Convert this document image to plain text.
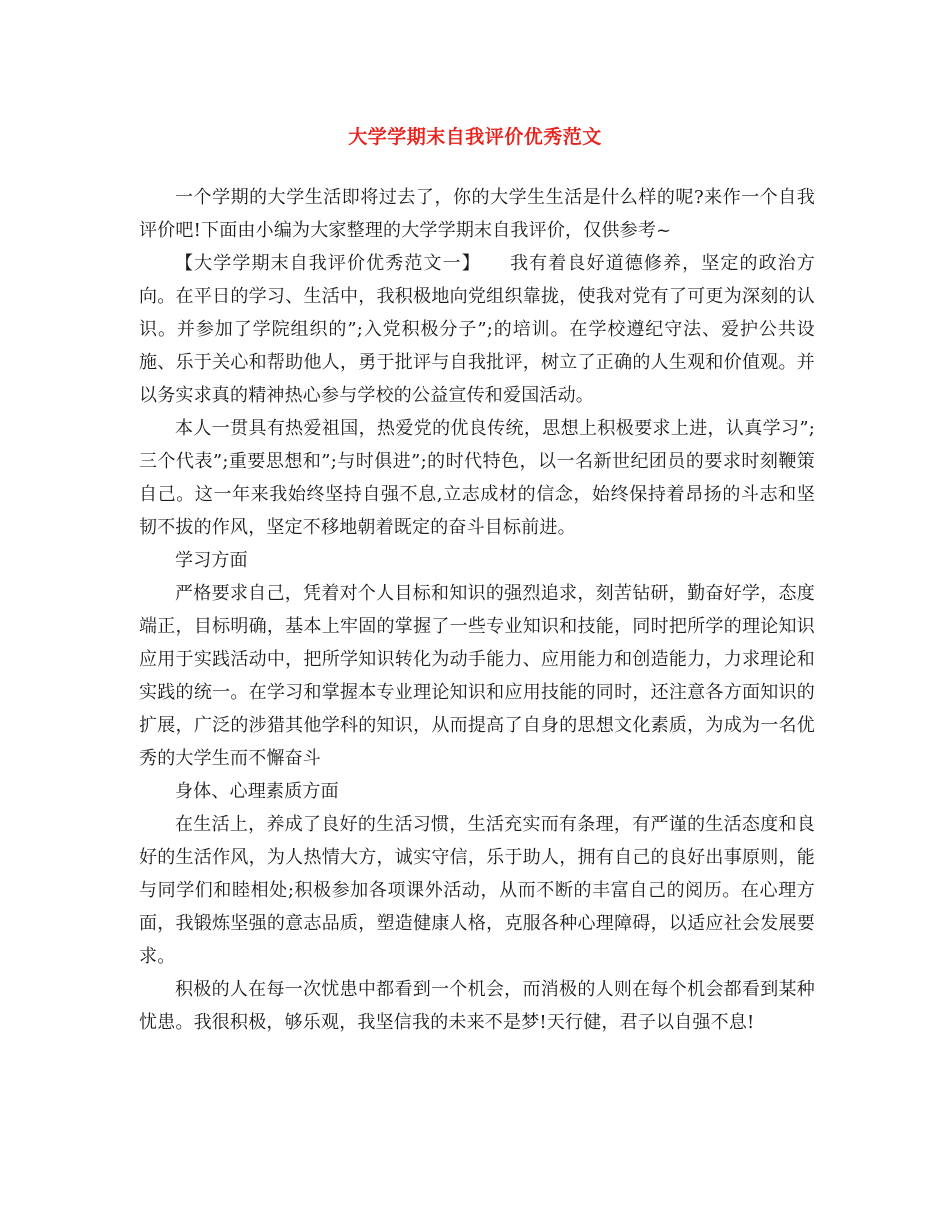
大学学期末自我评价优秀范文

一个学期的大学生活即将过去了，你的大学生生活是什么样的呢?来作一个自我评价吧!下面由小编为大家整理的大学学期末自我评价，仅供参考~

【大学学期末自我评价优秀范文一】　　我有着良好道德修养，坚定的政治方向。在平日的学习、生活中，我积极地向党组织靠拢，使我对党有了可更为深刻的认识。并参加了学院组织的”;入党积极分子”;的培训。在学校遵纪守法、爱护公共设施、乐于关心和帮助他人，勇于批评与自我批评，树立了正确的人生观和价值观。并以务实求真的精神热心参与学校的公益宣传和爱国活动。

本人一贯具有热爱祖国，热爱党的优良传统，思想上积极要求上进，认真学习”;三个代表”;重要思想和”;与时俱进”;的时代特色，以一名新世纪团员的要求时刻鞭策自己。这一年来我始终坚持自强不息,立志成材的信念，始终保持着昂扬的斗志和坚韧不拔的作风，坚定不移地朝着既定的奋斗目标前进。

学习方面

严格要求自己，凭着对个人目标和知识的强烈追求，刻苦钻研，勤奋好学，态度端正，目标明确，基本上牢固的掌握了一些专业知识和技能，同时把所学的理论知识应用于实践活动中，把所学知识转化为动手能力、应用能力和创造能力，力求理论和实践的统一。在学习和掌握本专业理论知识和应用技能的同时，还注意各方面知识的扩展，广泛的涉猎其他学科的知识，从而提高了自身的思想文化素质，为成为一名优秀的大学生而不懈奋斗

身体、心理素质方面

在生活上，养成了良好的生活习惯，生活充实而有条理，有严谨的生活态度和良好的生活作风，为人热情大方，诚实守信，乐于助人，拥有自己的良好出事原则，能与同学们和睦相处;积极参加各项课外活动，从而不断的丰富自己的阅历。在心理方面，我锻炼坚强的意志品质，塑造健康人格，克服各种心理障碍，以适应社会发展要求。

积极的人在每一次忧患中都看到一个机会，而消极的人则在每个机会都看到某种忧患。我很积极，够乐观，我坚信我的未来不是梦!天行健，君子以自强不息!
